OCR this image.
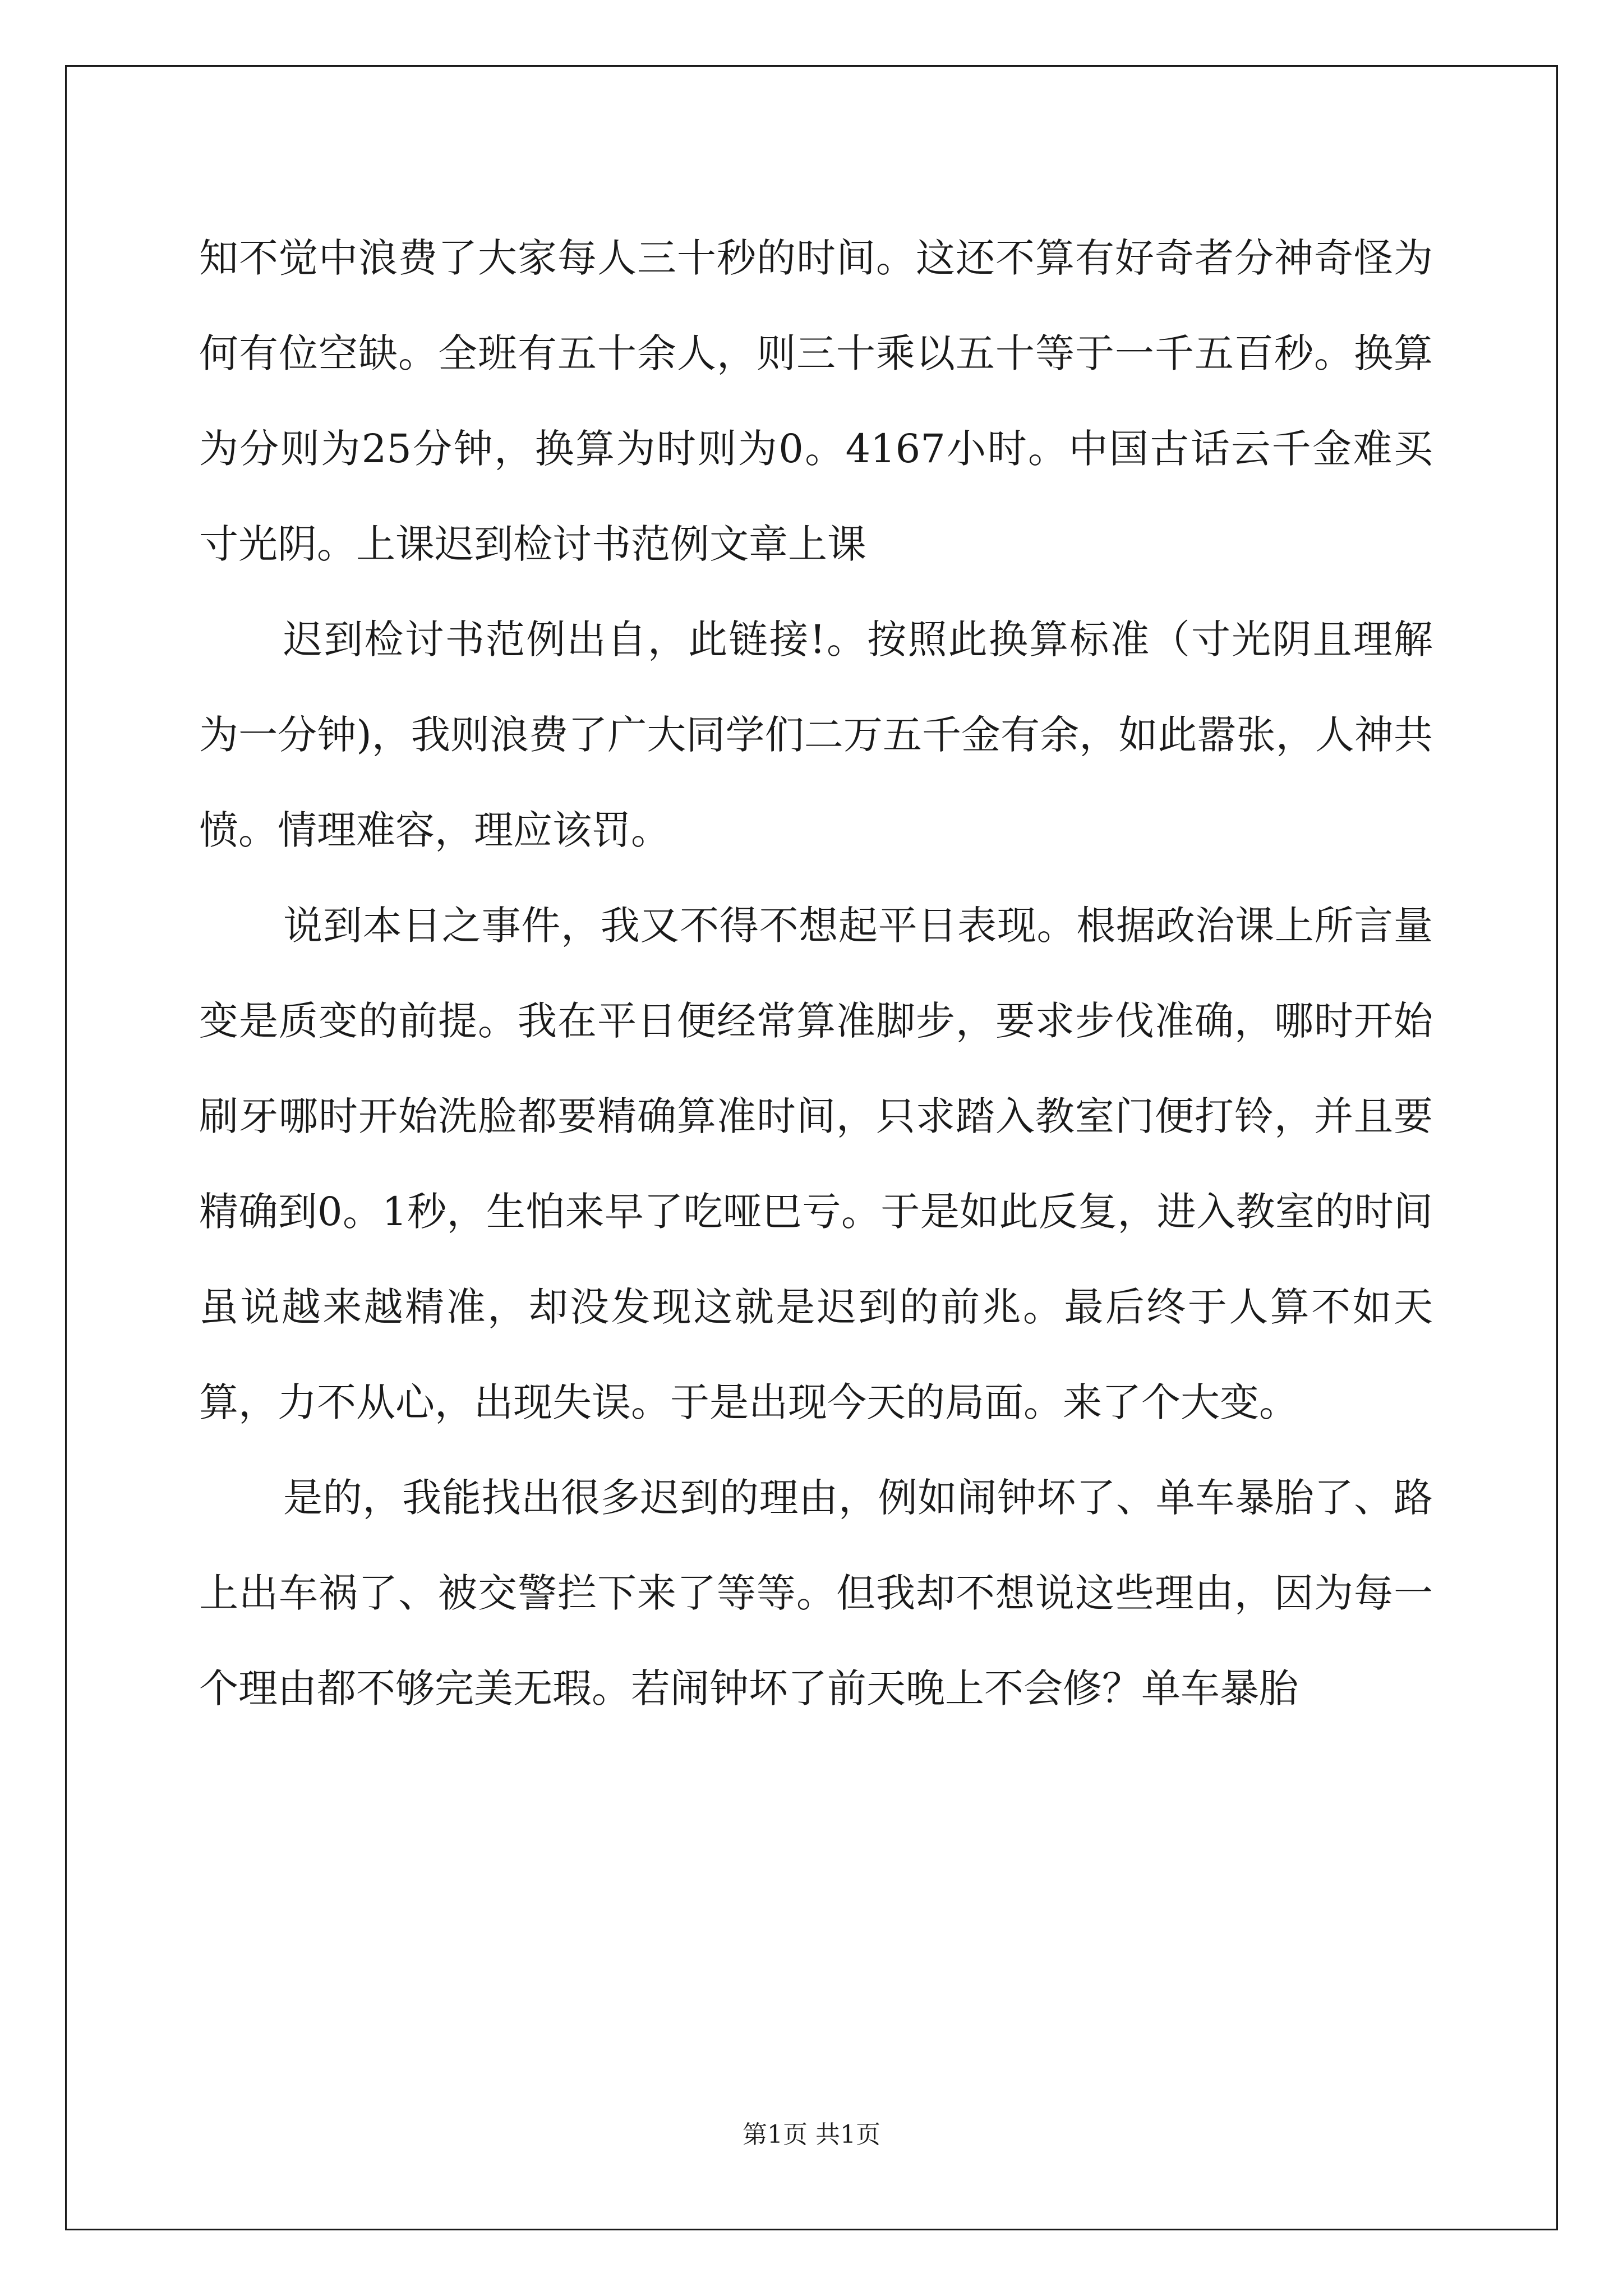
知不觉中浪费了大家每人三十秒的时间。这还不算有好奇者分神奇怪为何有位空缺。全班有五十余人，则三十乘以五十等于一千五百秒。换算为分则为25分钟，换算为时则为0。4167小时。中国古话云千金难买寸光阴。上课迟到检讨书范例文章上课

迟到检讨书范例出自，此链接!。按照此换算标准（寸光阴且理解为一分钟)，我则浪费了广大同学们二万五千金有余，如此嚣张，人神共愤。情理难容，理应该罚。

说到本日之事件，我又不得不想起平日表现。根据政治课上所言量变是质变的前提。我在平日便经常算准脚步，要求步伐准确，哪时开始刷牙哪时开始洗脸都要精确算准时间，只求踏入教室门便打铃，并且要精确到0。1秒，生怕来早了吃哑巴亏。于是如此反复，进入教室的时间虽说越来越精准，却没发现这就是迟到的前兆。最后终于人算不如天算，力不从心，出现失误。于是出现今天的局面。来了个大变。

是的，我能找出很多迟到的理由，例如闹钟坏了、单车暴胎了、路上出车祸了、被交警拦下来了等等。但我却不想说这些理由，因为每一个理由都不够完美无瑕。若闹钟坏了前天晚上不会修？单车暴胎

第1页 共1页
